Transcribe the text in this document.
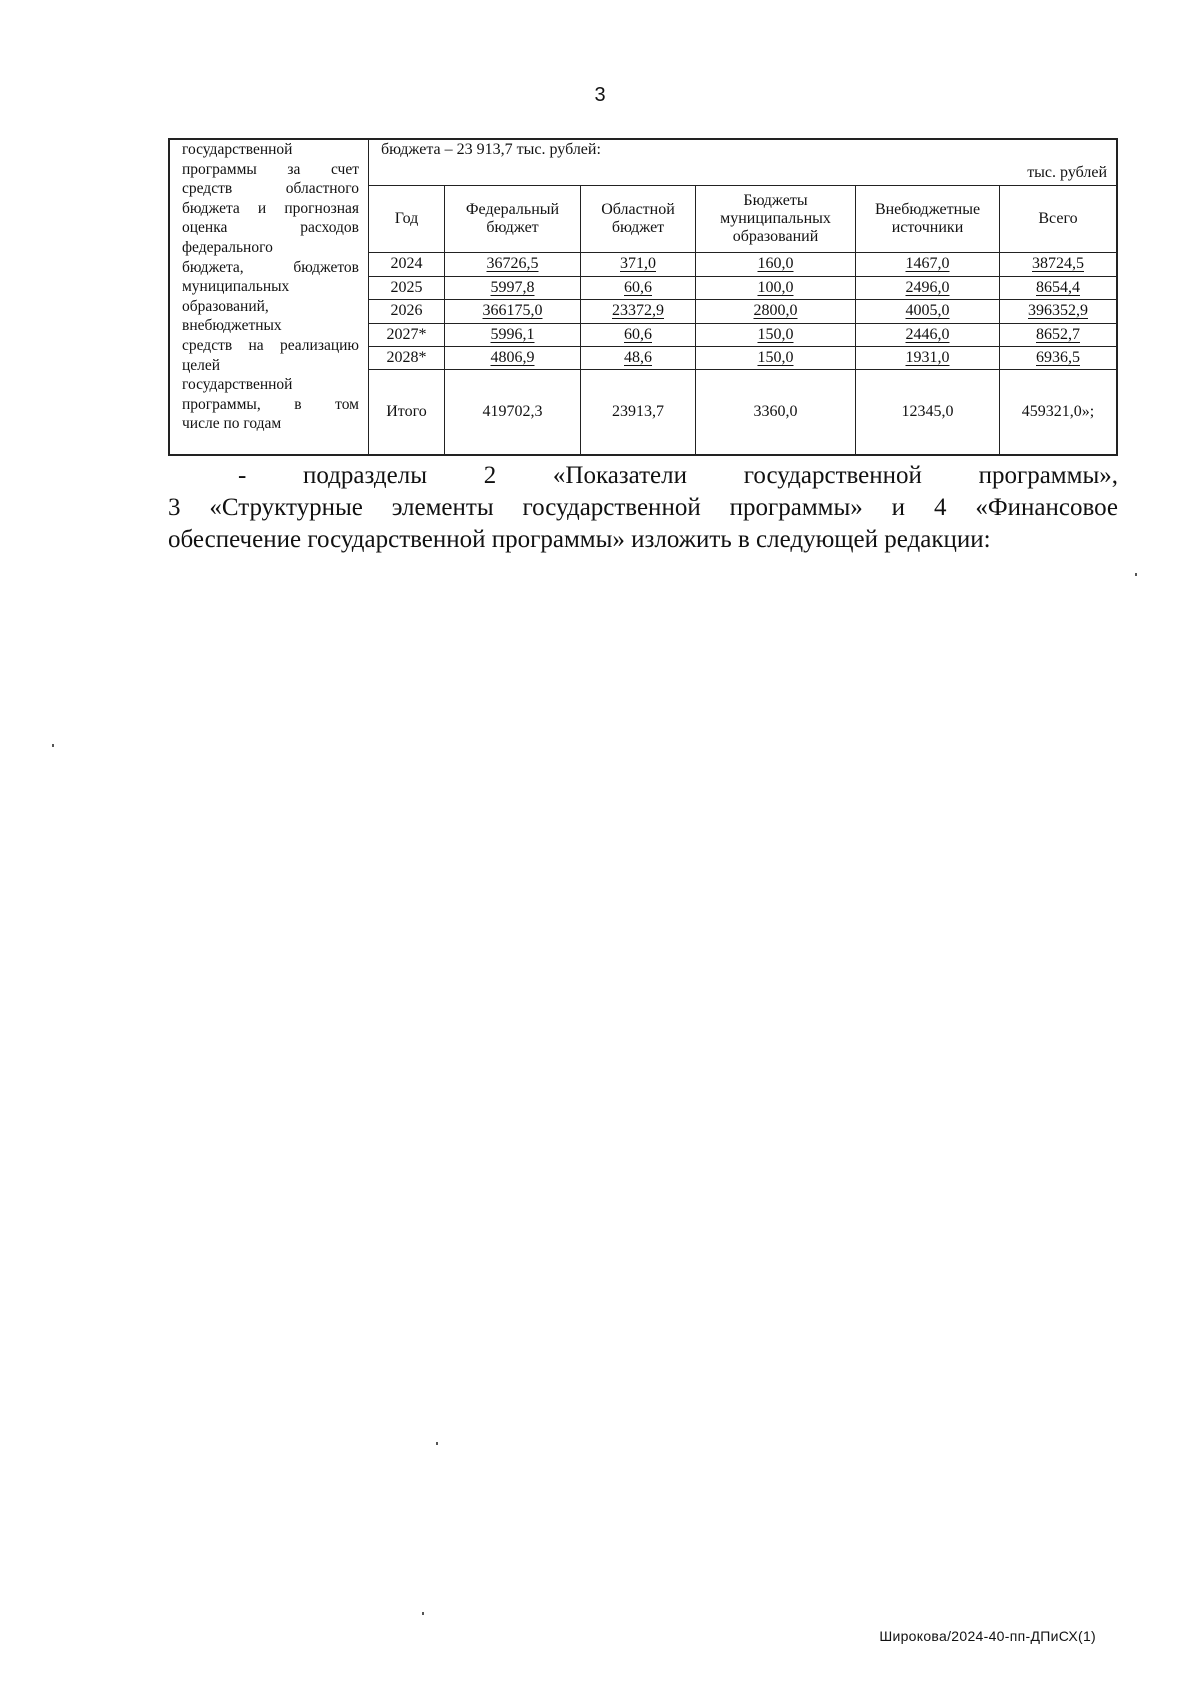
3
государственной
программы за счет
средств областного
бюджета и прогнозная
оценка расходов
федерального
бюджета, бюджетов
муниципальных
образований,
внебюджетных
средств на реализацию
целей
государственной
программы, в том
числе по годам
бюджета – 23 913,7 тыс. рублей:
тыс. рублей
Год	Федеральный бюджет	Областной бюджет	Бюджеты муниципальных образований	Внебюджетные источники	Всего
2024	36726,5	371,0	160,0	1467,0	38724,5
2025	5997,8	60,6	100,0	2496,0	8654,4
2026	366175,0	23372,9	2800,0	4005,0	396352,9
2027*	5996,1	60,6	150,0	2446,0	8652,7
2028*	4806,9	48,6	150,0	1931,0	6936,5
Итого	419702,3	23913,7	3360,0	12345,0	459321,0»;
- подразделы 2 «Показатели государственной программы»,
3 «Структурные элементы государственной программы» и 4 «Финансовое
обеспечение государственной программы» изложить в следующей редакции:
Широкова/2024-40-пп-ДПиСХ(1)
